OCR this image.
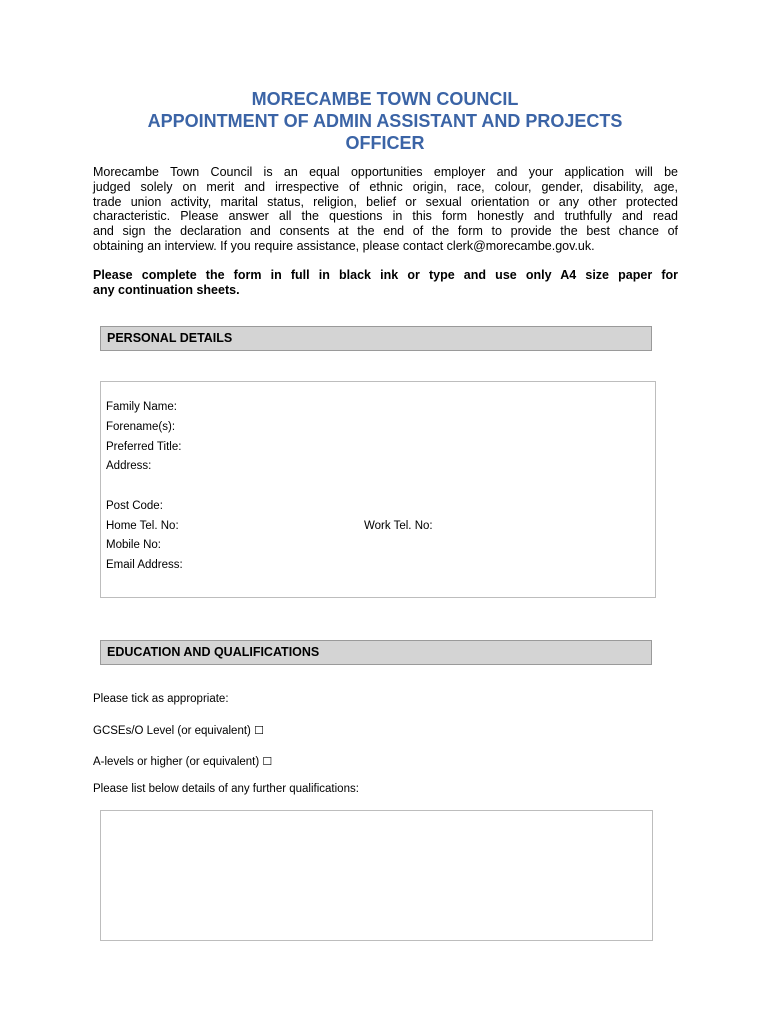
MORECAMBE TOWN COUNCIL
APPOINTMENT OF ADMIN ASSISTANT AND PROJECTS
OFFICER
Morecambe Town Council is an equal opportunities employer and your application will be
judged solely on merit and irrespective of ethnic origin, race, colour, gender, disability, age,
trade union activity, marital status, religion, belief or sexual orientation or any other protected
characteristic. Please answer all the questions in this form honestly and truthfully and read
and sign the declaration and consents at the end of the form to provide the best chance of
obtaining an interview. If you require assistance, please contact clerk@morecambe.gov.uk.
Please complete the form in full in black ink or type and use only A4 size paper for
any continuation sheets.
PERSONAL DETAILS
Family Name:
Forename(s):
Preferred Title:
Address:
Post Code:
Home Tel. No:	Work Tel. No:
Mobile No:
Email Address:
EDUCATION AND QUALIFICATIONS
Please tick as appropriate:
GCSEs/O Level (or equivalent) ☐
A-levels or higher (or equivalent) ☐
Please list below details of any further qualifications:
